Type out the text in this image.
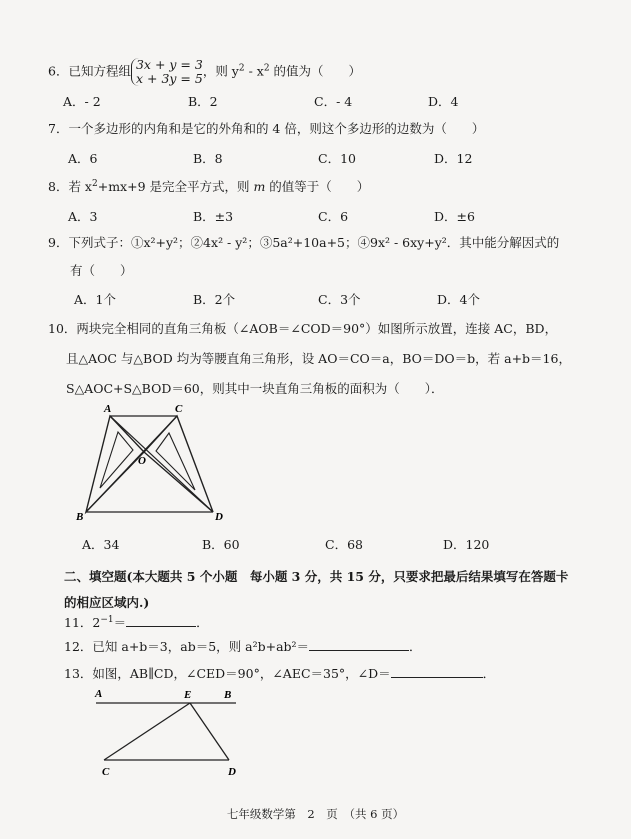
6．已知方程组 3x + y = 3
x + 3y = 5，则 $y^2 - x^2$ 的值为（　　）
A．- 2	B．2	C．- 4	D．4
7．一个多边形的内角和是它的外角和的 4 倍，则这个多边形的边数为（　　）
A．6	B．8	C．10	D．12
8．若 $x^2+mx+9$ 是完全平方式，则 m 的值等于（　　）
A．3	B．±3	C．6	D．±6
9．下列式子：①x²+y²；②4x² - y²；③5a²+10a+5；④9x² - 6xy+y²．其中能分解因式的
有（　　）
A．1个	B．2个	C．3个	D．4个
10．两块完全相同的直角三角板（∠AOB＝∠COD＝90°）如图所示放置，连接 AC，BD，
且△AOC 与△BOD 均为等腰直角三角形，设 AO＝CO＝a，BO＝DO＝b，若 a+b＝16，
S△AOC+S△BOD＝60，则其中一块直角三角板的面积为（　　）．
A	C
O
B	D
A．34	B．60	C．68	D．120
二、填空题(本大题共 5 个小题　每小题 3 分，共 15 分，只要求把最后结果填写在答题卡
的相应区域内.)
11．$2^{-1}=$	．
12．已知 a+b＝3，ab＝5，则 a²b+ab²＝	．
13．如图，AB∥CD，∠CED＝90°，∠AEC＝35°，∠D＝	．
A	E	B
C	D
七年级数学第　2　页　（共 6 页）
